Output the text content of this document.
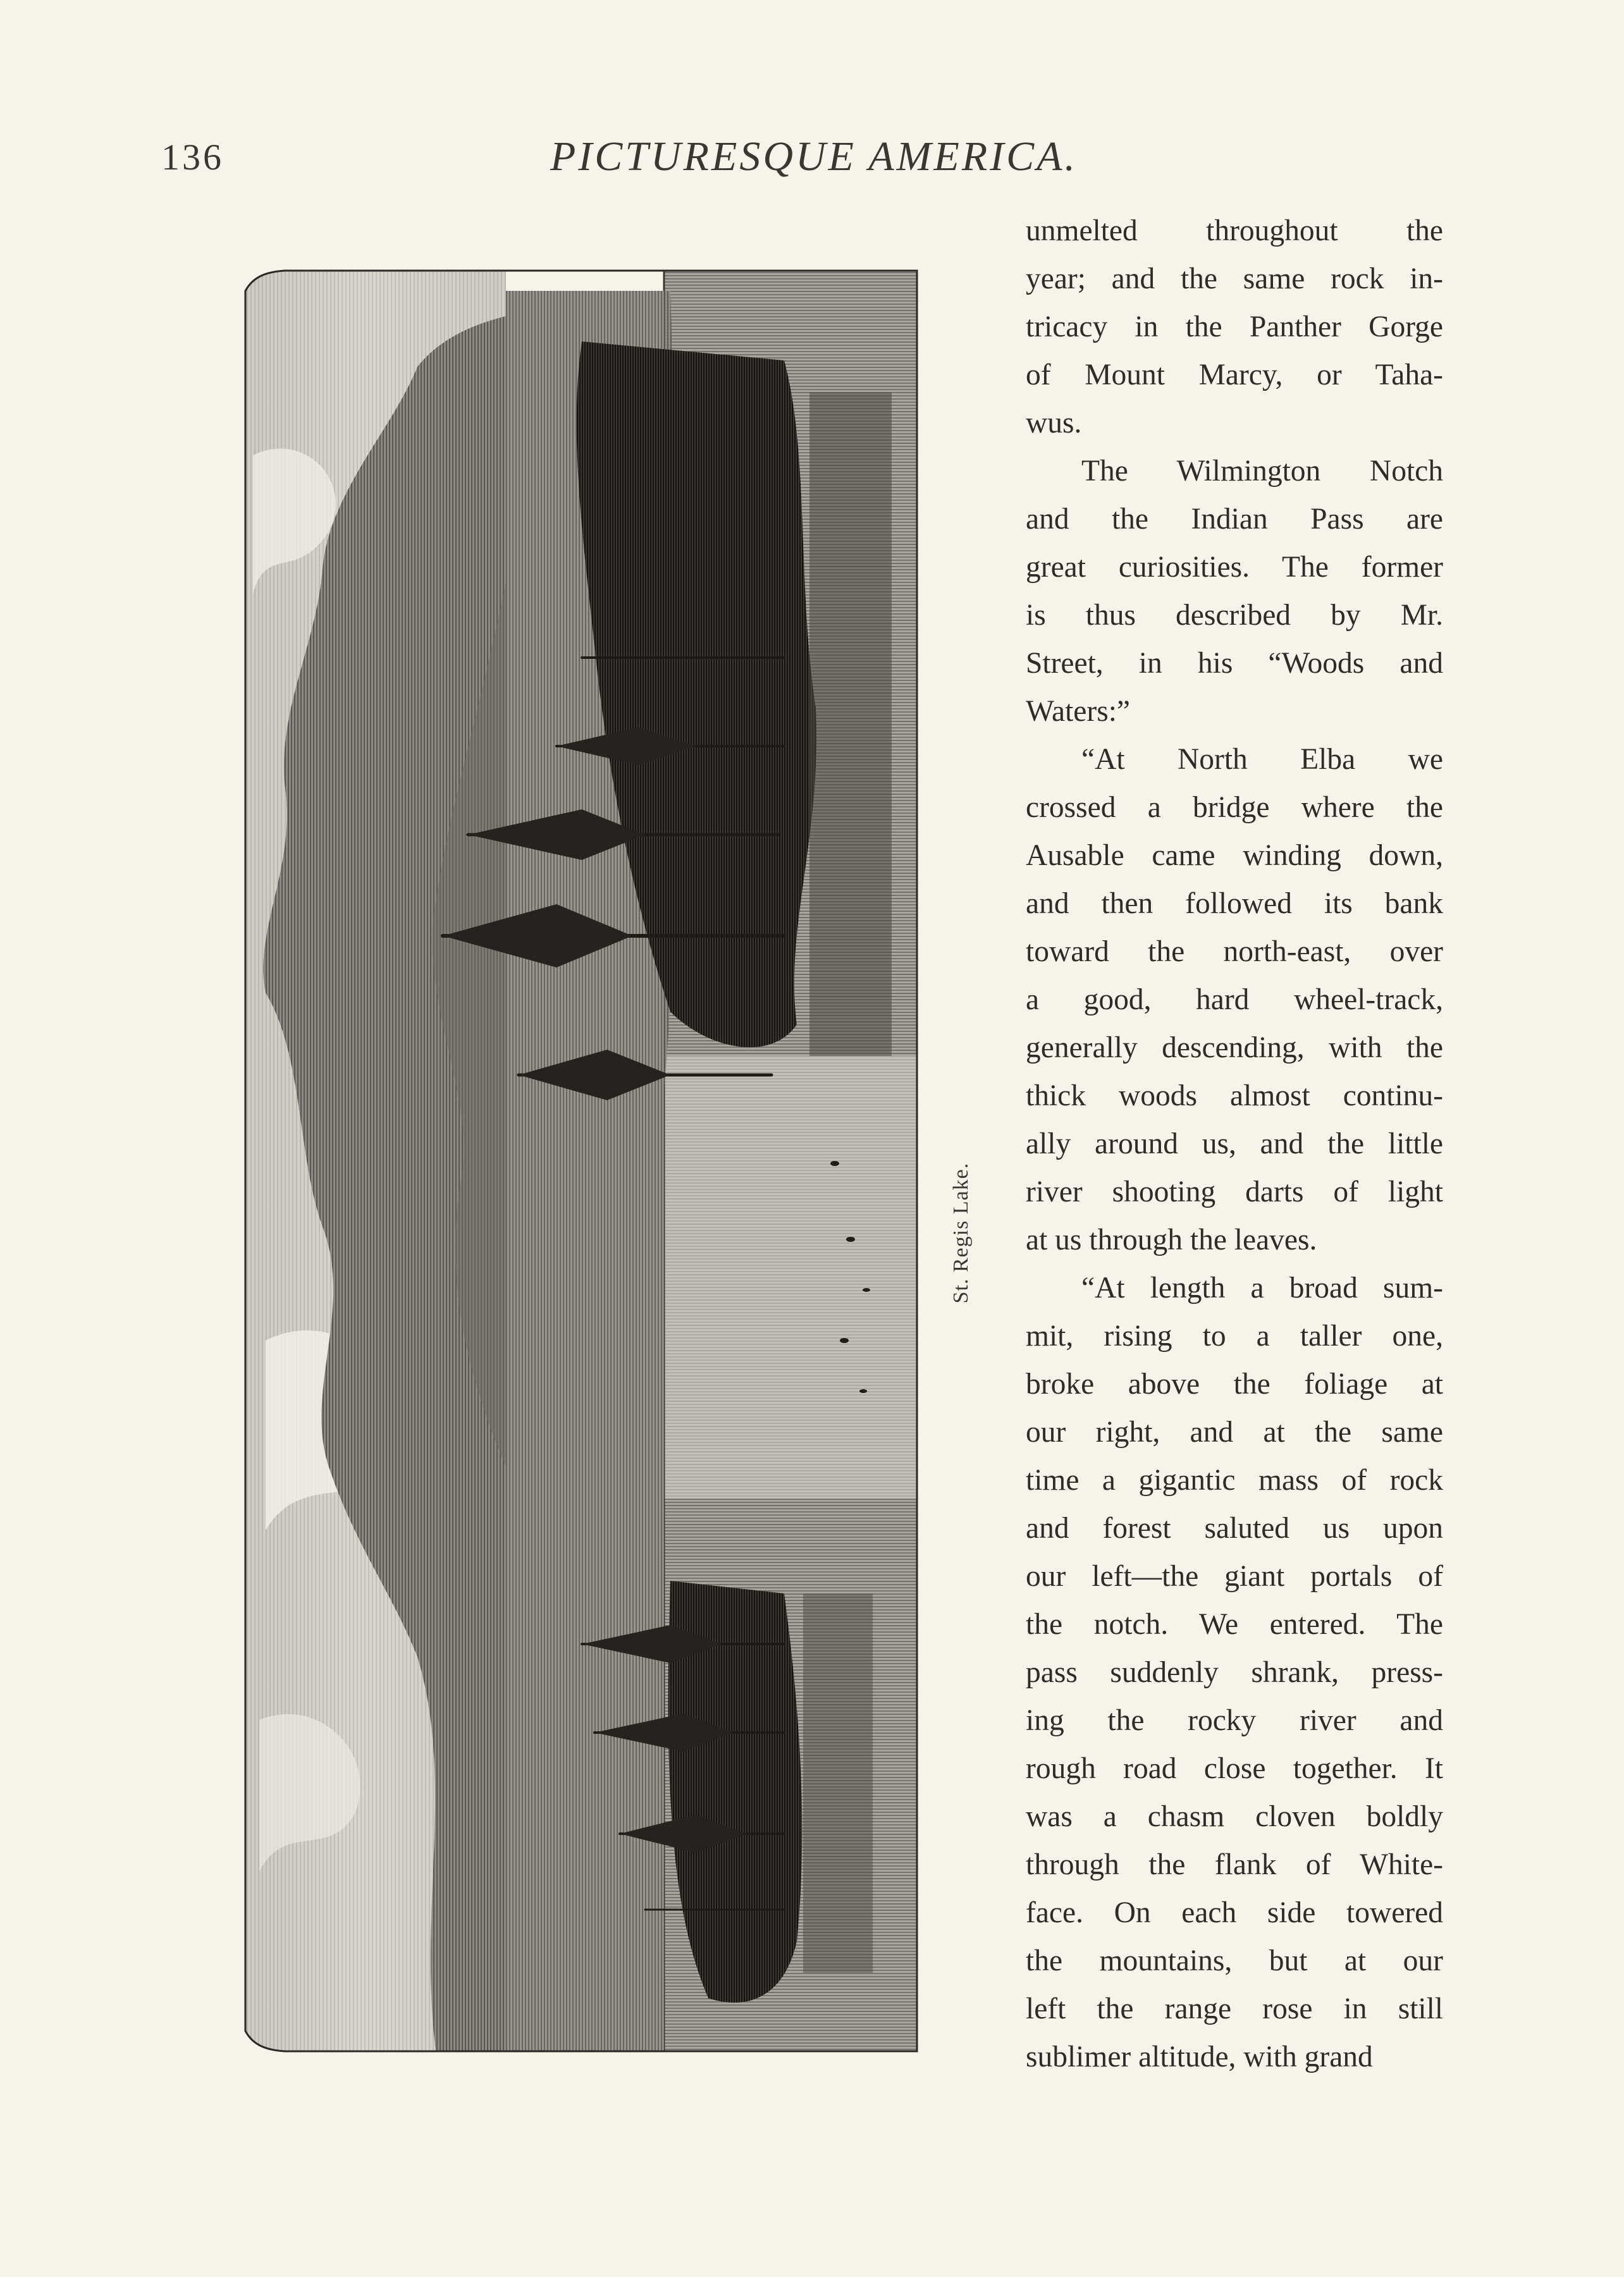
136	PICTURESQUE AMERICA.
St. Regis Lake.

unmelted throughout the
year; and the same rock in-
tricacy in the Panther Gorge
of Mount Marcy, or Taha-
wus.

The Wilmington Notch
and the Indian Pass are
great curiosities. The former
is thus described by Mr.
Street, in his “Woods and
Waters:”

“At North Elba we
crossed a bridge where the
Ausable came winding down,
and then followed its bank
toward the north-east, over
a good, hard wheel-track,
generally descending, with the
thick woods almost continu-
ally around us, and the little
river shooting darts of light
at us through the leaves.

“At length a broad sum-
mit, rising to a taller one,
broke above the foliage at
our right, and at the same
time a gigantic mass of rock
and forest saluted us upon
our left—the giant portals of
the notch. We entered. The
pass suddenly shrank, press-
ing the rocky river and
rough road close together. It
was a chasm cloven boldly
through the flank of White-
face. On each side towered
the mountains, but at our
left the range rose in still
sublimer altitude, with grand
